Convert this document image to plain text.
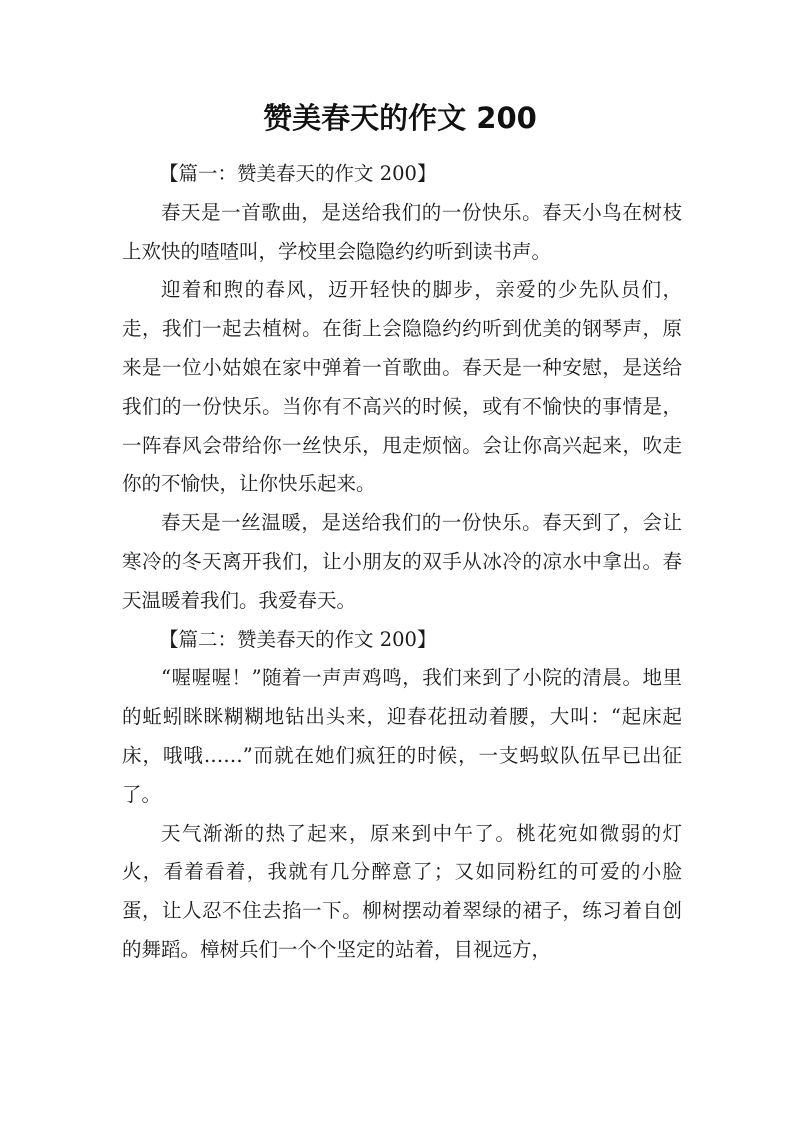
赞美春天的作文 200

【篇一：赞美春天的作文 200】

春天是一首歌曲，是送给我们的一份快乐。春天小鸟在树枝上欢快的喳喳叫，学校里会隐隐约约听到读书声。

迎着和煦的春风，迈开轻快的脚步，亲爱的少先队员们，走，我们一起去植树。在街上会隐隐约约听到优美的钢琴声，原来是一位小姑娘在家中弹着一首歌曲。春天是一种安慰，是送给我们的一份快乐。当你有不高兴的时候，或有不愉快的事情是，一阵春风会带给你一丝快乐，甩走烦恼。会让你高兴起来，吹走你的不愉快，让你快乐起来。

春天是一丝温暖，是送给我们的一份快乐。春天到了，会让寒冷的冬天离开我们，让小朋友的双手从冰冷的凉水中拿出。春天温暖着我们。我爱春天。

【篇二：赞美春天的作文 200】

“喔喔喔！”随着一声声鸡鸣，我们来到了小院的清晨。地里的蚯蚓眯眯糊糊地钻出头来，迎春花扭动着腰，大叫：“起床起床，哦哦……”而就在她们疯狂的时候，一支蚂蚁队伍早已出征了。

天气渐渐的热了起来，原来到中午了。桃花宛如微弱的灯火，看着看着，我就有几分醉意了；又如同粉红的可爱的小脸蛋，让人忍不住去掐一下。柳树摆动着翠绿的裙子，练习着自创的舞蹈。樟树兵们一个个坚定的站着，目视远方，
